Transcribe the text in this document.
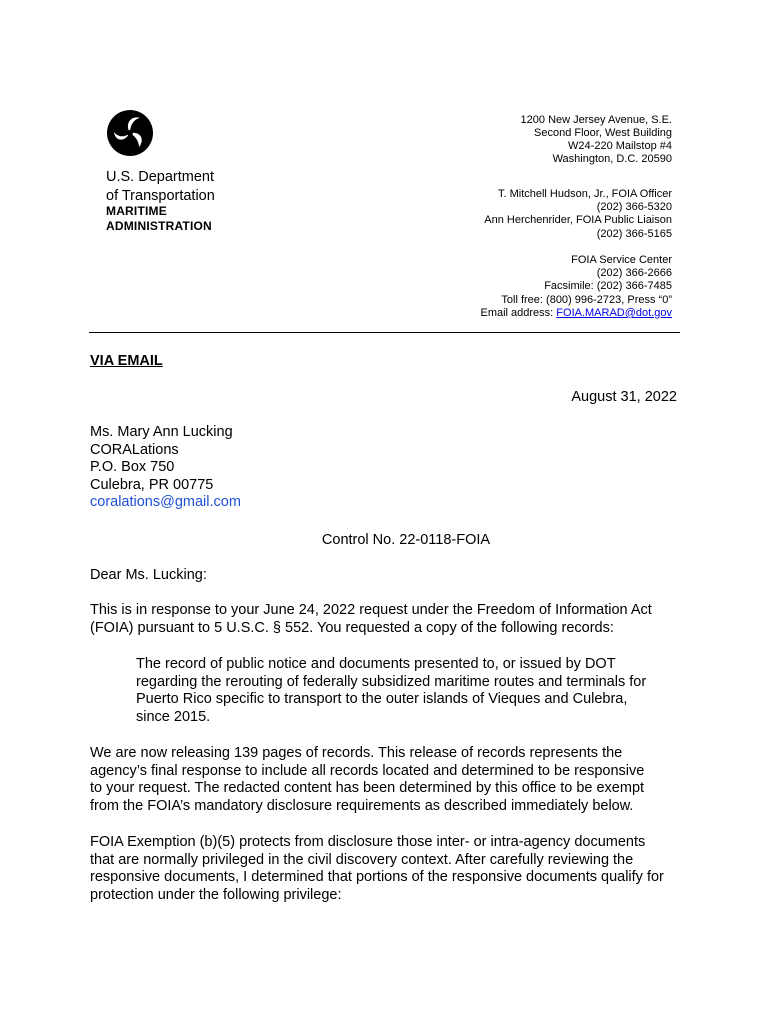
U.S. Department
of Transportation
MARITIME
ADMINISTRATION
1200 New Jersey Avenue, S.E.
Second Floor, West Building
W24-220 Mailstop #4
Washington, D.C. 20590
T. Mitchell Hudson, Jr., FOIA Officer
(202) 366-5320
Ann Herchenrider, FOIA Public Liaison
(202) 366-5165
FOIA Service Center
(202) 366-2666
Facsimile: (202) 366-7485
Toll free: (800) 996-2723, Press “0”
Email address: FOIA.MARAD@dot.gov
VIA EMAIL
August 31, 2022
Ms. Mary Ann Lucking
CORALations
P.O. Box 750
Culebra, PR 00775
coralations@gmail.com
Control No. 22-0118-FOIA
Dear Ms. Lucking:
This is in response to your June 24, 2022 request under the Freedom of Information Act
(FOIA) pursuant to 5 U.S.C. § 552. You requested a copy of the following records:
The record of public notice and documents presented to, or issued by DOT
regarding the rerouting of federally subsidized maritime routes and terminals for
Puerto Rico specific to transport to the outer islands of Vieques and Culebra,
since 2015.
We are now releasing 139 pages of records. This release of records represents the
agency’s final response to include all records located and determined to be responsive
to your request. The redacted content has been determined by this office to be exempt
from the FOIA’s mandatory disclosure requirements as described immediately below.
FOIA Exemption (b)(5) protects from disclosure those inter- or intra-agency documents
that are normally privileged in the civil discovery context. After carefully reviewing the
responsive documents, I determined that portions of the responsive documents qualify for
protection under the following privilege:
